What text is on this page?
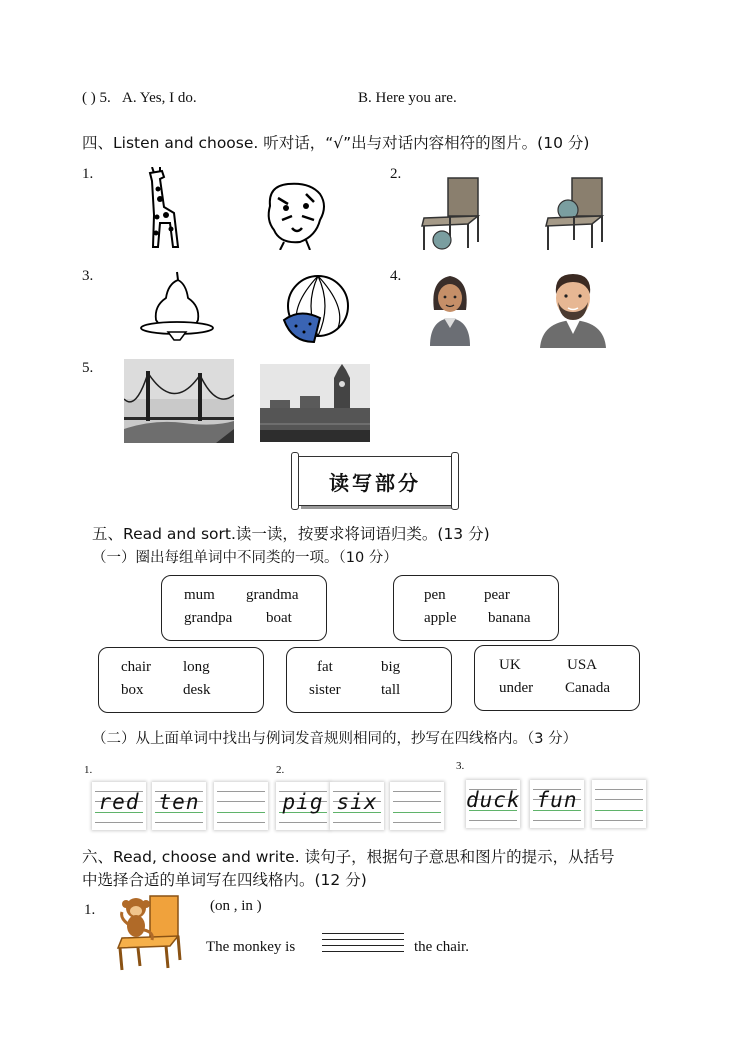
( ) 5. A. Yes, I do.	B. Here you are.
四、Listen and choose. 听对话，“√”出与对话内容相符的图片。(10 分)
1.	2.
3.	4.
5.
读写部分
五、Read and sort.读一读，按要求将词语归类。(13 分)
（一）圈出每组单词中不同类的一项。（10 分）
mum grandma
grandpa boat
pen	pear
apple banana
chair long
box	desk
fat	big
sister	tall
UK	USA
under Canada
（二）从上面单词中找出与例词发音规则相同的，抄写在四线格内。（3 分）
1.
red ten
2.
pig six
3.
duck fun
六、Read, choose and write. 读句子，根据句子意思和图片的提示，从括号
中选择合适的单词写在四线格内。(12 分)
1.	(on , in )
The monkey is	the chair.
